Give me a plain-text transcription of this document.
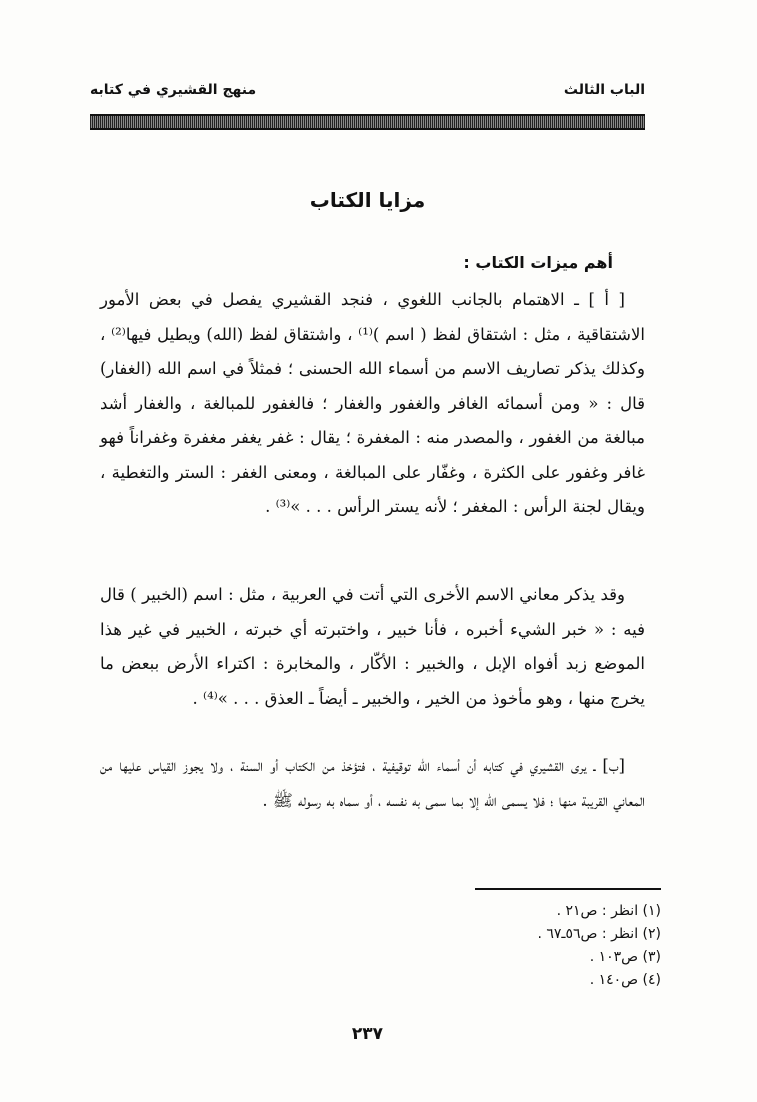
الباب الثالث
منهج القشيري في كتابه
مزايا الكتاب
أهم ميزات الكتاب :

[ أ ] ـ الاهتمام بالجانب اللغوي ، فنجد القشيري يفصل في بعض الأمور الاشتقاقية ، مثل : اشتقاق لفظ ( اسم )⁽¹⁾ ، واشتقاق لفظ (الله) ويطيل فيها⁽²⁾ ، وكذلك يذكر تصاريف الاسم من أسماء الله الحسنى ؛ فمثلاً في اسم الله (الغفار) قال : « ومن أسمائه الغافر والغفور والغفار ؛ فالغفور للمبالغة ، والغفار أشد مبالغة من الغفور ، والمصدر منه : المغفرة ؛ يقال : غفر يغفر مغفرة وغفراناً فهو غافر وغفور على الكثرة ، وغفّار على المبالغة ، ومعنى الغفر : الستر والتغطية ، ويقال لجنة الرأس : المغفر ؛ لأنه يستر الرأس . . . »⁽³⁾ .

وقد يذكر معاني الاسم الأخرى التي أتت في العربية ، مثل : اسم (الخبير ) قال فيه : « خبر الشيء أخبره ، فأنا خبير ، واختبرته أي خبرته ، الخبير في غير هذا الموضع زبد أفواه الإبل ، والخبير : الأكّار ، والمخابرة : اكتراء الأرض ببعض ما يخرج منها ، وهو مأخوذ من الخير ، والخبير ـ أيضاً ـ العذق . . . »⁽⁴⁾ .

[ب] ـ يرى القشيري في كتابه أن أسماء الله توقيفية ، فتؤخذ من الكتاب أو السنة ، ولا يجوز القياس عليها من المعاني القريبة منها ؛ فلا يسمى الله إلا بما سمى به نفسه ، أو سماه به رسوله ﷺ .

(١) انظر : ص٢١ .
(٢) انظر : ص٥٦ـ٦٧ .
(٣) ص١٠٣ .
(٤) ص١٤٠ .
٢٣٧
